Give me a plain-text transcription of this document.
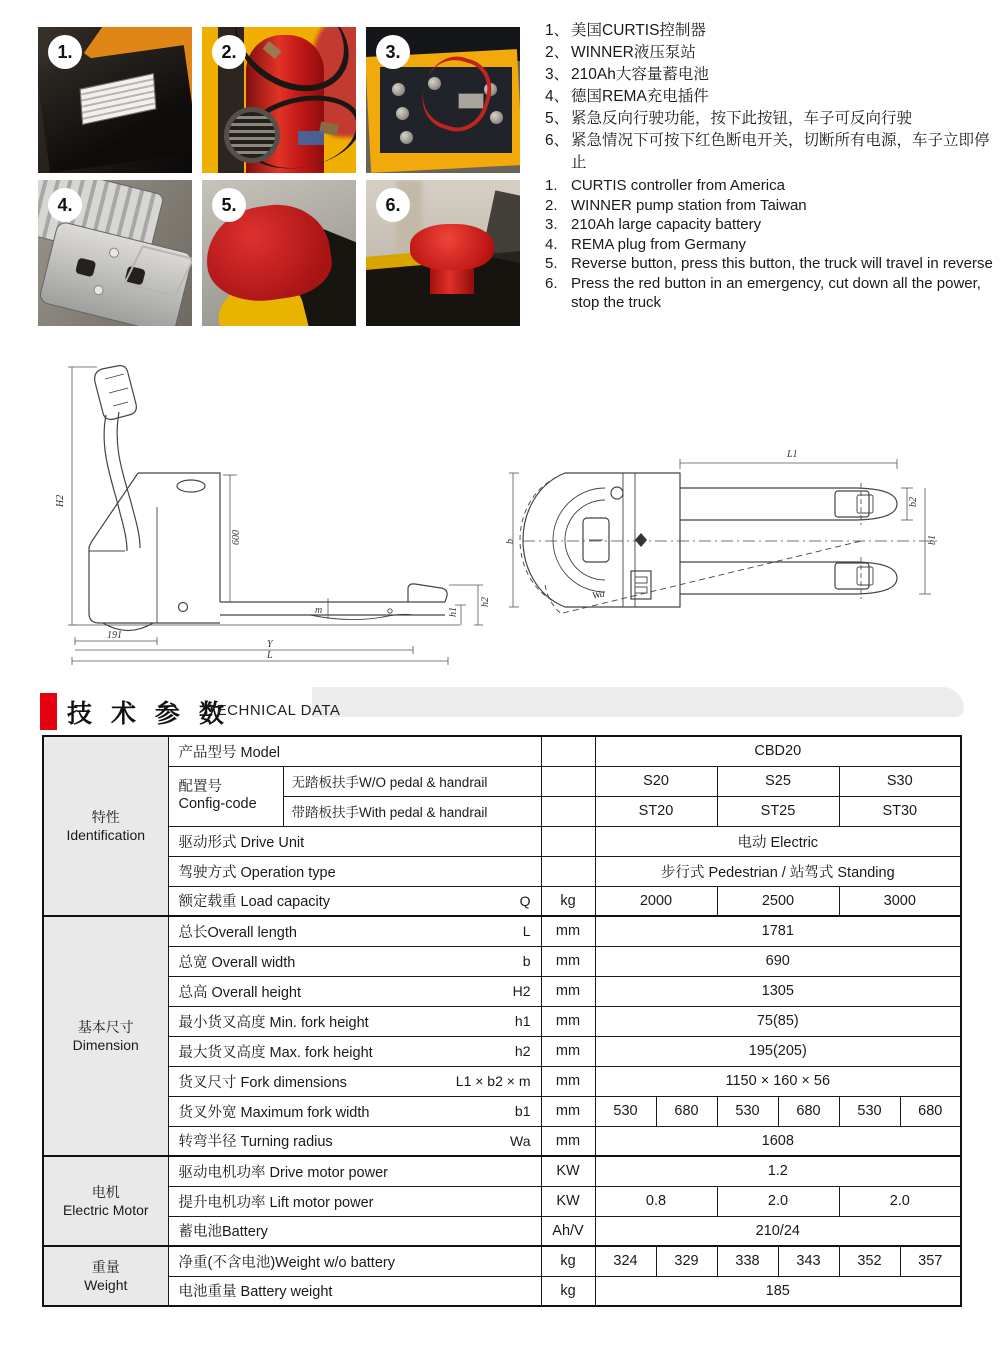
1.	2.	3.
4.	5.	6.
1、 美国CURTIS控制器
2、 WINNER液压泵站
3、 210Ah大容量蓄电池
4、 德国REMA充电插件
5、 紧急反向行驶功能，按下此按钮，车子可反向行驶
6、 紧急情况下可按下红色断电开关，切断所有电源，车子立即停止
1. CURTIS controller from America
2. WINNER pump station from Taiwan
3. 210Ah large capacity battery
4. REMA plug from Germany
5. Reverse button, press this button, the truck will travel in reverse
6. Press the red button in an emergency, cut down all the power, stop the truck
H2
600
h2
h1
m
191
Y
L
b
L1
b2
b1
Wa
技 术 参 数
TECHNICAL DATA
特性
Identification	产品型号 Model			CBD20					

	配置号
Config-code	无踏板扶手W/O pedal & handrail		S20		S25		S30	
		带踏板扶手With pedal & handrail		ST20		ST25		ST30	

	驱动形式 Drive Unit			电动 Electric					

	驾驶方式 Operation type			步行式 Pedestrian / 站驾式 Standing					

	额定载重 Load capacity Q		kg	2000		2500		3000	

基本尺寸
Dimension	总长Overall length L		mm	1781					

	总宽 Overall width b		mm	690					

	总高 Overall height H2		mm	1305					

	最小货叉高度 Min. fork height h1		mm	75(85)					

	最大货叉高度 Max. fork height h2		mm	195(205)					

	货叉尺寸 Fork dimensions L1 × b2 × m		mm	1150 × 160 × 56					

	货叉外宽 Maximum fork width b1		mm	530	680	530	680	530	680

	转弯半径 Turning radius Wa		mm	1608					

电机
Electric Motor	驱动电机功率 Drive motor power		KW	1.2					

	提升电机功率 Lift motor power		KW	0.8		2.0		2.0	

	蓄电池Battery		Ah/V	210/24					

重量
Weight	净重(不含电池)Weight w/o battery		kg	324	329	338	343	352	357

	电池重量 Battery weight		kg	185					
